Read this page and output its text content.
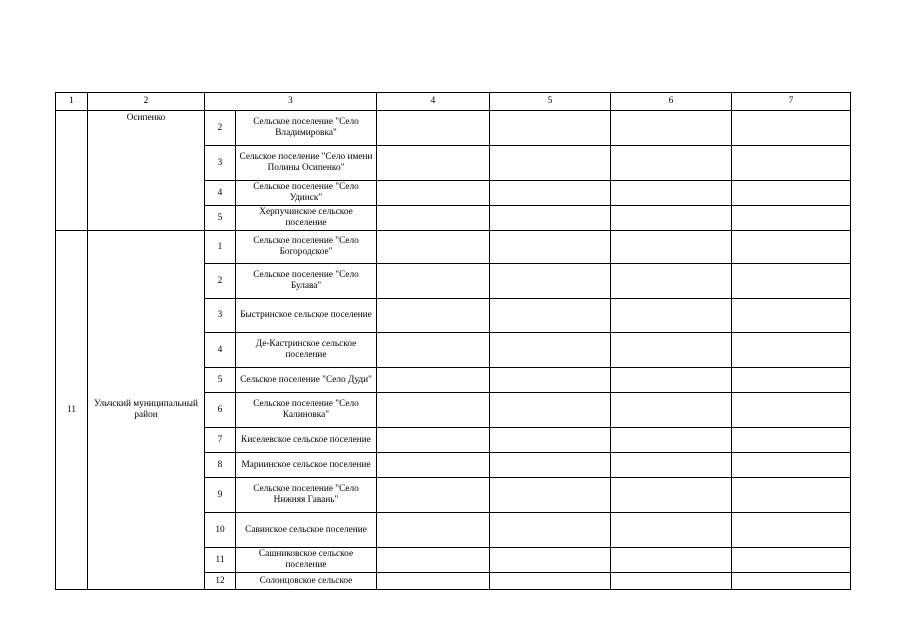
1	2	3		4	5	6	7
	Осипенко	2	Сельское поселение "Село Владимировка"				
		3	Сельское поселение "Село имени Полины Осипенко"				
		4	Сельское поселение "Село Удинск"				
		5	Херпучинское сельское поселение				
11	Ульчский муниципальный район	1	Сельское поселение "Село Богородское"				
		2	Сельское поселение "Село Булава"				
		3	Быстринское сельское поселение				
		4	Де-Кастринское сельское поселение				
		5	Сельское поселение "Село Дуди"				
		6	Сельское поселение "Село Калиновка"				
		7	Киселевское сельское поселение				
		8	Мариинское сельское поселение				
		9	Сельское поселение "Село Нижняя Гавань"				
		10	Савинское сельское поселение				
		11	Сашниковское сельское поселение				
		12	Солонцовское сельское				
